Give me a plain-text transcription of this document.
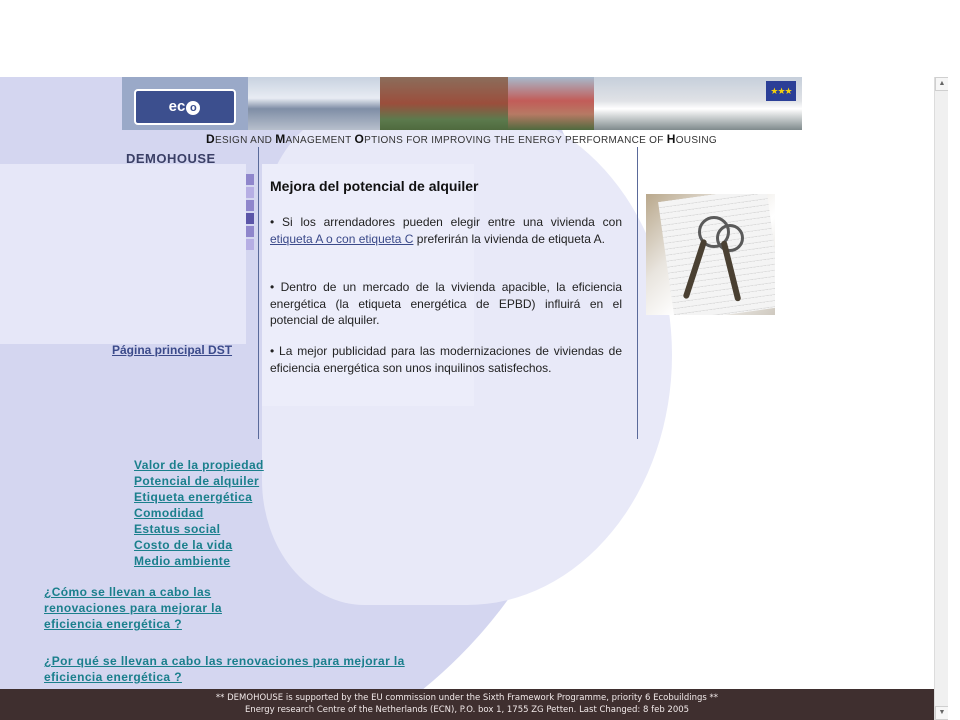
ec o
★★★
DESIGN AND MANAGEMENT OPTIONS FOR IMPROVING THE ENERGY PERFORMANCE OF HOUSING
DEMOHOUSE
Página principal DST
Mejora del potencial de alquiler
• Si los arrendadores pueden elegir entre una vivienda con etiqueta A o con etiqueta C preferirán la vivienda de etiqueta A.
• Dentro de un mercado de la vivienda apacible, la eficiencia energética (la etiqueta energética de EPBD) influirá en el potencial de alquiler.
• La mejor publicidad para las modernizaciones de viviendas de eficiencia energética son unos inquilinos satisfechos.
Valor de la propiedad
Potencial de alquiler
Etiqueta energética
Comodidad
Estatus social
Costo de la vida
Medio ambiente
¿Cómo se llevan a cabo las renovaciones para mejorar la eficiencia energética ?
¿Por qué se llevan a cabo las renovaciones para mejorar la eficiencia energética ?
** DEMOHOUSE is supported by the EU commission under the Sixth Framework Programme, priority 6 Ecobuildings **
Energy research Centre of the Netherlands (ECN), P.O. box 1, 1755 ZG Petten. Last Changed: 8 feb 2005
▲
▼
